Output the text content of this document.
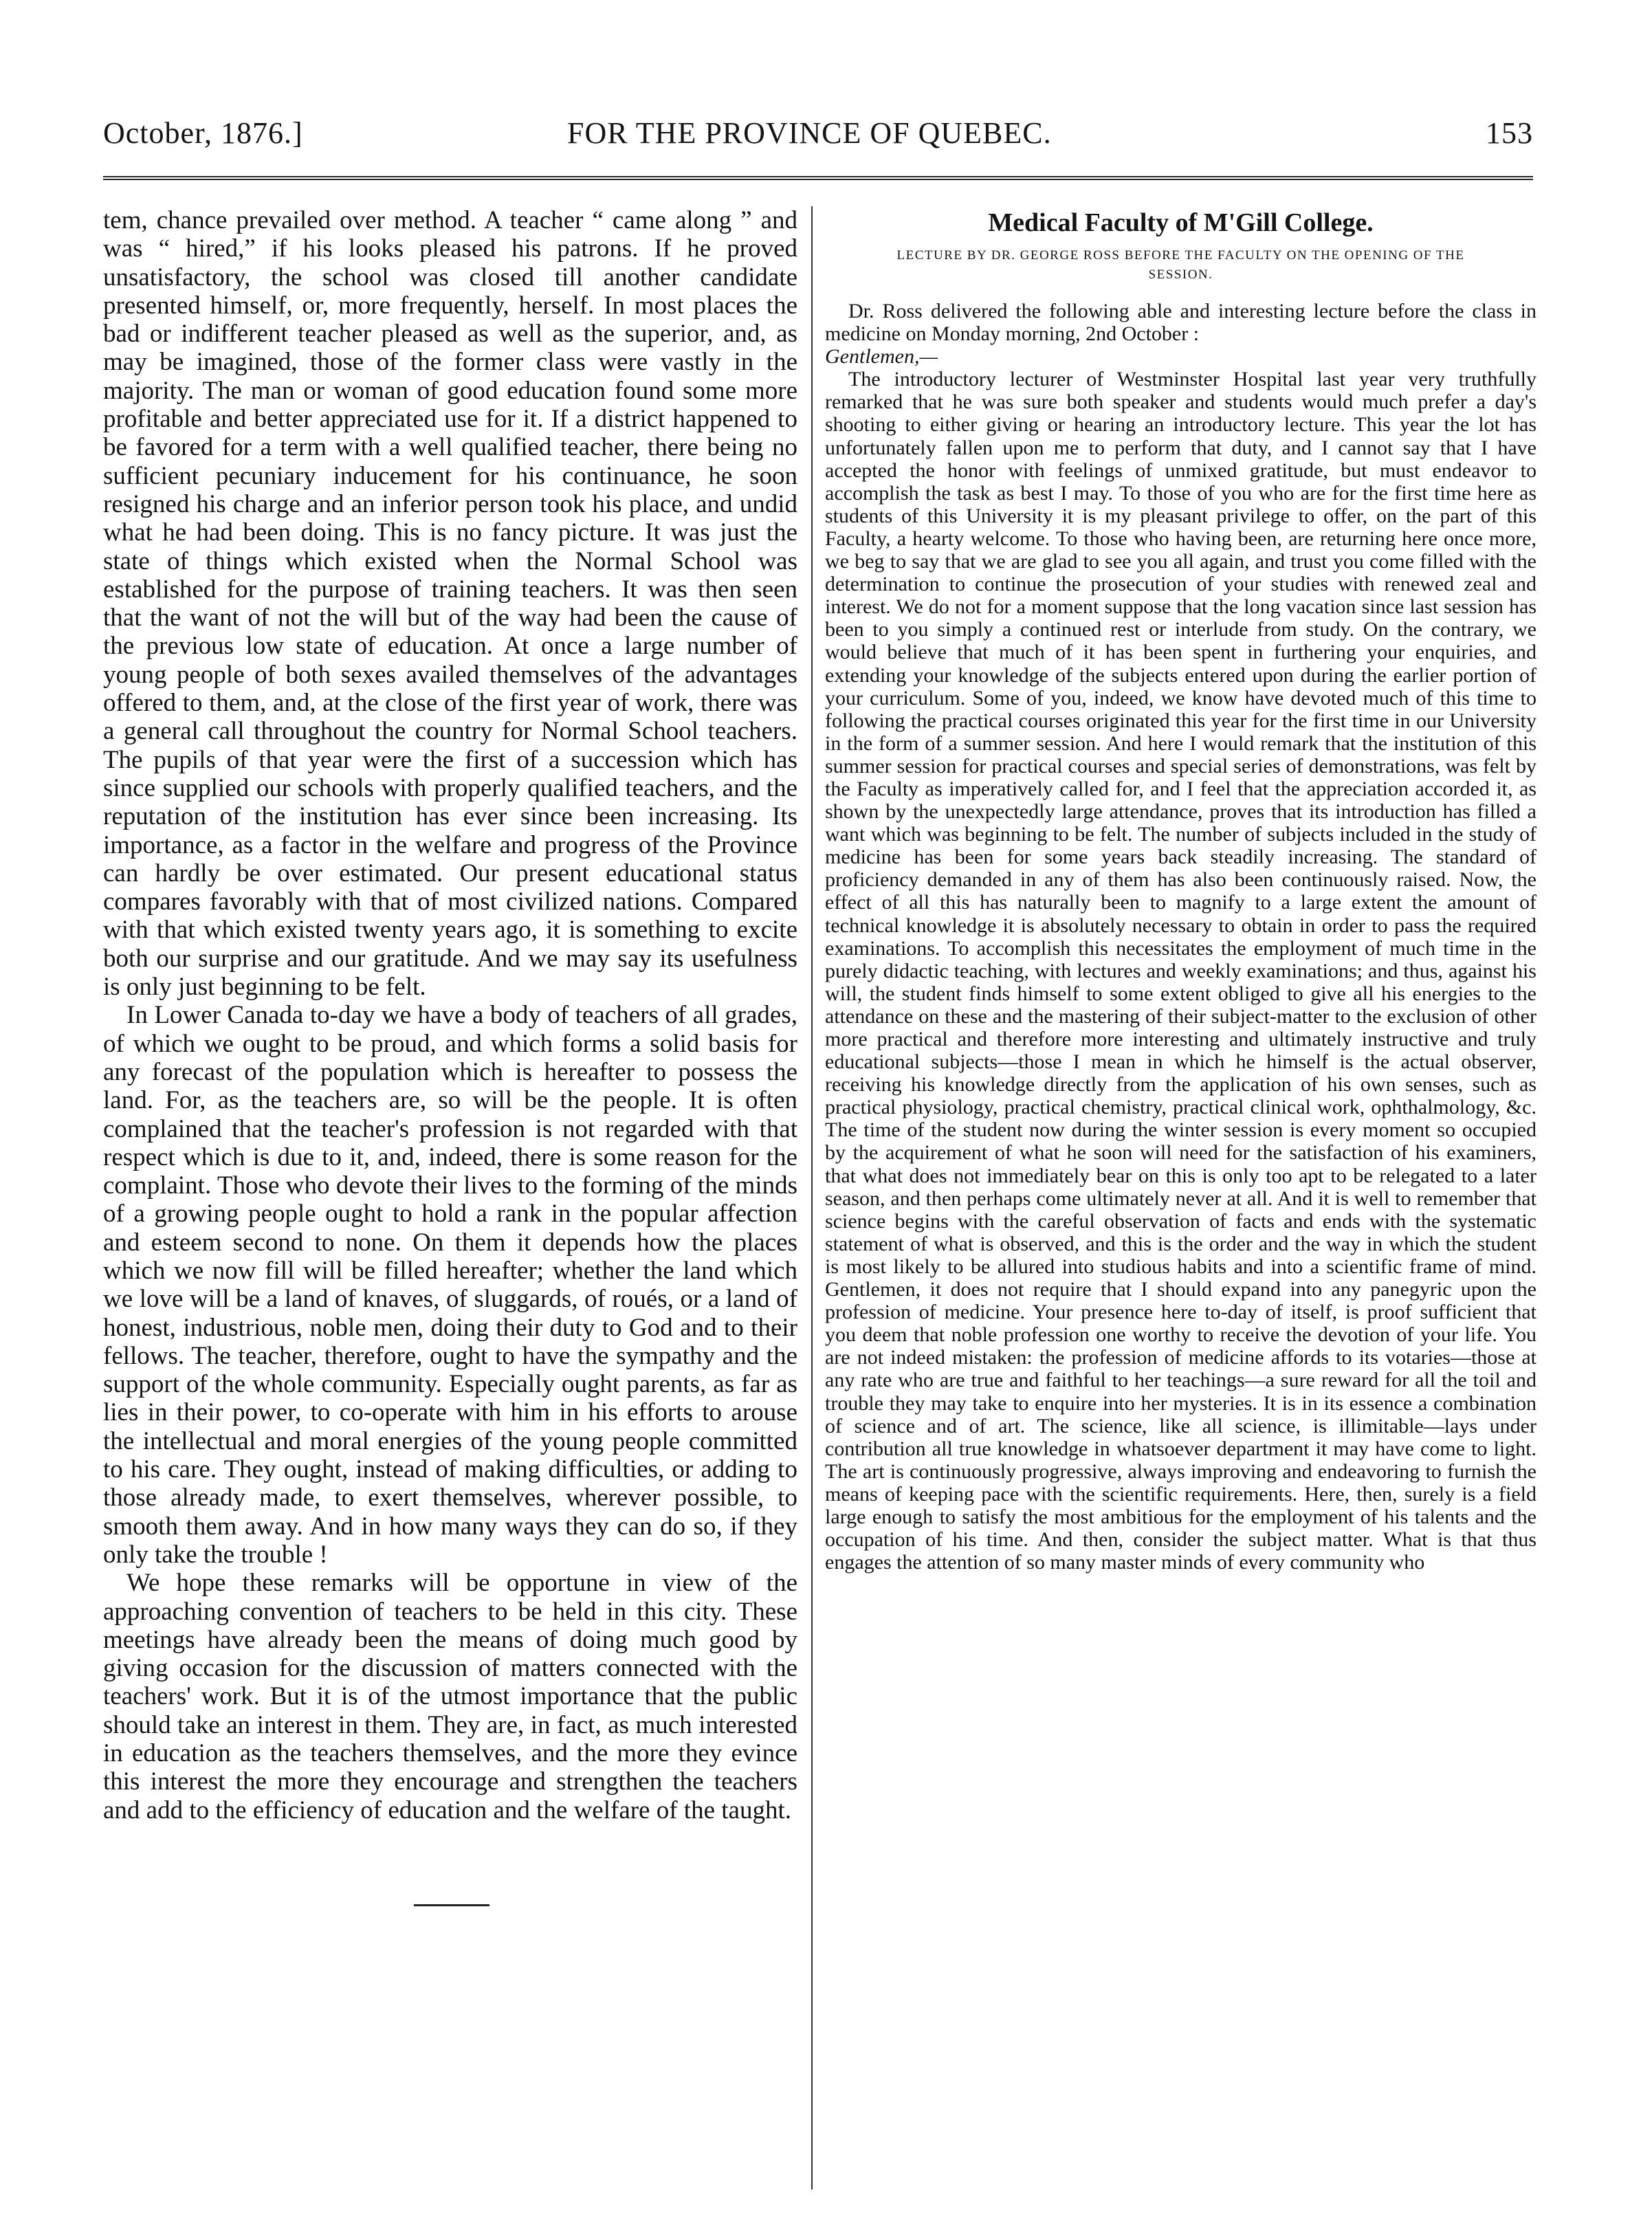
October, 1876.]	FOR THE PROVINCE OF QUEBEC.	153

tem, chance prevailed over method. A teacher “ came along ” and was “ hired,” if his looks pleased his patrons. If he proved unsatisfactory, the school was closed till another candidate presented himself, or, more frequently, herself. In most places the bad or indifferent teacher pleased as well as the superior, and, as may be imagined, those of the former class were vastly in the majority. The man or woman of good education found some more profitable and better appreciated use for it. If a district happened to be favored for a term with a well qualified teacher, there being no sufficient pecuniary inducement for his continuance, he soon resigned his charge and an inferior person took his place, and undid what he had been doing. This is no fancy picture. It was just the state of things which existed when the Normal School was established for the purpose of training teachers. It was then seen that the want of not the will but of the way had been the cause of the previous low state of education. At once a large number of young people of both sexes availed themselves of the advantages offered to them, and, at the close of the first year of work, there was a general call throughout the country for Normal School teachers. The pupils of that year were the first of a succession which has since supplied our schools with properly qualified teachers, and the reputation of the institution has ever since been increasing. Its importance, as a factor in the welfare and progress of the Province can hardly be over estimated. Our present educational status compares favorably with that of most civilized nations. Compared with that which existed twenty years ago, it is something to excite both our surprise and our gratitude. And we may say its usefulness is only just beginning to be felt.

In Lower Canada to-day we have a body of teachers of all grades, of which we ought to be proud, and which forms a solid basis for any forecast of the population which is hereafter to possess the land. For, as the teachers are, so will be the people. It is often complained that the teacher's profession is not regarded with that respect which is due to it, and, indeed, there is some reason for the complaint. Those who devote their lives to the forming of the minds of a growing people ought to hold a rank in the popular affection and esteem second to none. On them it depends how the places which we now fill will be filled hereafter; whether the land which we love will be a land of knaves, of sluggards, of roués, or a land of honest, industrious, noble men, doing their duty to God and to their fellows. The teacher, therefore, ought to have the sympathy and the support of the whole community. Especially ought parents, as far as lies in their power, to co-operate with him in his efforts to arouse the intellectual and moral energies of the young people committed to his care. They ought, instead of making difficulties, or adding to those already made, to exert themselves, wherever possible, to smooth them away. And in how many ways they can do so, if they only take the trouble !

We hope these remarks will be opportune in view of the approaching convention of teachers to be held in this city. These meetings have already been the means of doing much good by giving occasion for the discussion of matters connected with the teachers' work. But it is of the utmost importance that the public should take an interest in them. They are, in fact, as much interested in education as the teachers themselves, and the more they evince this interest the more they encourage and strengthen the teachers and add to the efficiency of education and the welfare of the taught.

Medical Faculty of M'Gill College.
LECTURE BY DR. GEORGE ROSS BEFORE THE FACULTY ON THE OPENING OF THE SESSION.

Dr. Ross delivered the following able and interesting lecture before the class in medicine on Monday morning, 2nd October :

Gentlemen,—

The introductory lecturer of Westminster Hospital last year very truthfully remarked that he was sure both speaker and students would much prefer a day's shooting to either giving or hearing an introductory lecture. This year the lot has unfortunately fallen upon me to perform that duty, and I cannot say that I have accepted the honor with feelings of unmixed gratitude, but must endeavor to accomplish the task as best I may. To those of you who are for the first time here as students of this University it is my pleasant privilege to offer, on the part of this Faculty, a hearty welcome. To those who having been, are returning here once more, we beg to say that we are glad to see you all again, and trust you come filled with the determination to continue the prosecution of your studies with renewed zeal and interest. We do not for a moment suppose that the long vacation since last session has been to you simply a continued rest or interlude from study. On the contrary, we would believe that much of it has been spent in furthering your enquiries, and extending your knowledge of the subjects entered upon during the earlier portion of your curriculum. Some of you, indeed, we know have devoted much of this time to following the practical courses originated this year for the first time in our University in the form of a summer session. And here I would remark that the institution of this summer session for practical courses and special series of demonstrations, was felt by the Faculty as imperatively called for, and I feel that the appreciation accorded it, as shown by the unexpectedly large attendance, proves that its introduction has filled a want which was beginning to be felt. The number of subjects included in the study of medicine has been for some years back steadily increasing. The standard of proficiency demanded in any of them has also been continuously raised. Now, the effect of all this has naturally been to magnify to a large extent the amount of technical knowledge it is absolutely necessary to obtain in order to pass the required examinations. To accomplish this necessitates the employment of much time in the purely didactic teaching, with lectures and weekly examinations; and thus, against his will, the student finds himself to some extent obliged to give all his energies to the attendance on these and the mastering of their subject-matter to the exclusion of other more practical and therefore more interesting and ultimately instructive and truly educational subjects—those I mean in which he himself is the actual observer, receiving his knowledge directly from the application of his own senses, such as practical physiology, practical chemistry, practical clinical work, ophthalmology, &c. The time of the student now during the winter session is every moment so occupied by the acquirement of what he soon will need for the satisfaction of his examiners, that what does not immediately bear on this is only too apt to be relegated to a later season, and then perhaps come ultimately never at all. And it is well to remember that science begins with the careful observation of facts and ends with the systematic statement of what is observed, and this is the order and the way in which the student is most likely to be allured into studious habits and into a scientific frame of mind. Gentlemen, it does not require that I should expand into any panegyric upon the profession of medicine. Your presence here to-day of itself, is proof sufficient that you deem that noble profession one worthy to receive the devotion of your life. You are not indeed mistaken: the profession of medicine affords to its votaries—those at any rate who are true and faithful to her teachings—a sure reward for all the toil and trouble they may take to enquire into her mysteries. It is in its essence a combination of science and of art. The science, like all science, is illimitable—lays under contribution all true knowledge in whatsoever department it may have come to light. The art is continuously progressive, always improving and endeavoring to furnish the means of keeping pace with the scientific requirements. Here, then, surely is a field large enough to satisfy the most ambitious for the employment of his talents and the occupation of his time. And then, consider the subject matter. What is that thus engages the attention of so many master minds of every community who
